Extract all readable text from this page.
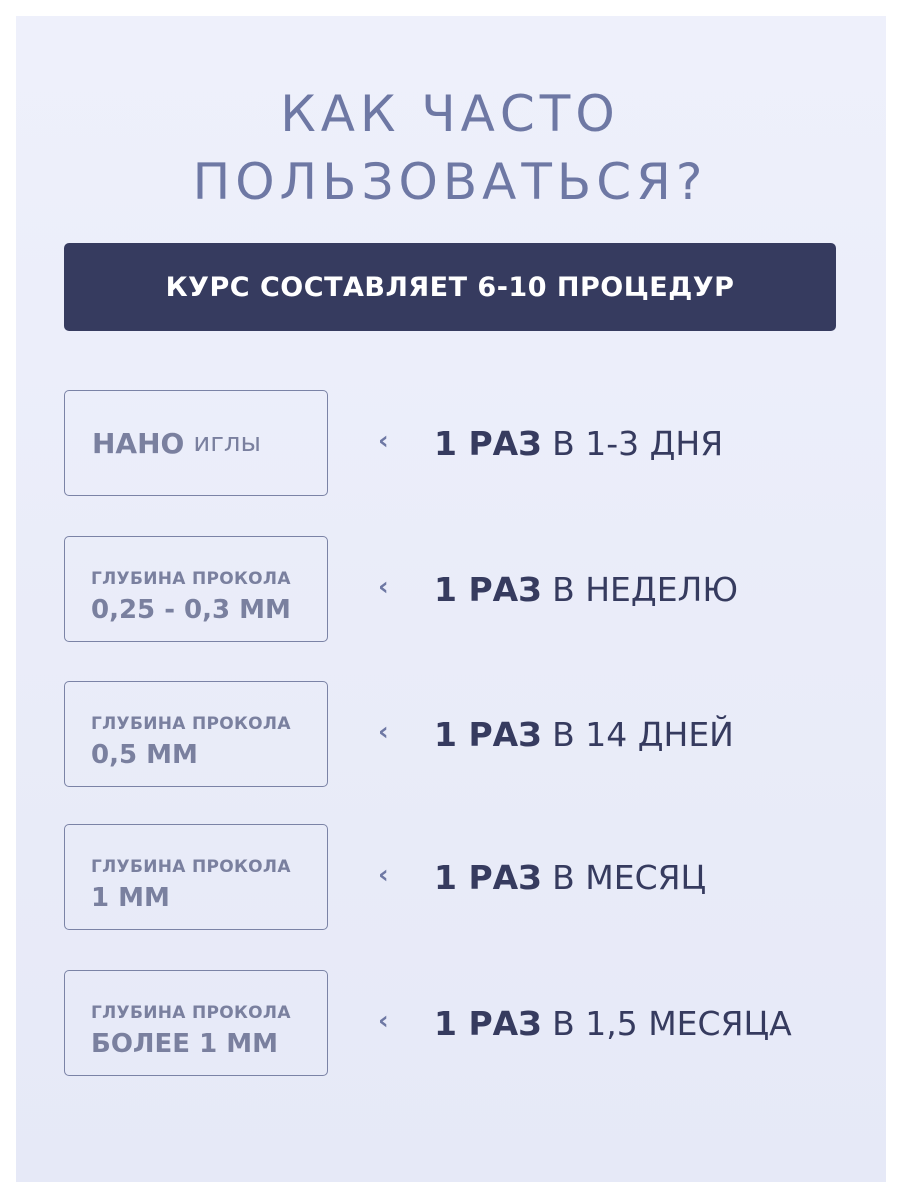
КАК ЧАСТО
ПОЛЬЗОВАТЬСЯ?
КУРС СОСТАВЛЯЕТ 6-10 ПРОЦЕДУР
НАНО иглы	‹ 1 РАЗ В 1-3 ДНЯ
ГЛУБИНА ПРОКОЛА
0,25 - 0,3 ММ
‹ 1 РАЗ В НЕДЕЛЮ
ГЛУБИНА ПРОКОЛА
0,5 ММ
‹ 1 РАЗ В 14 ДНЕЙ
ГЛУБИНА ПРОКОЛА
1 ММ
‹ 1 РАЗ В МЕСЯЦ
ГЛУБИНА ПРОКОЛА
БОЛЕЕ 1 ММ
‹ 1 РАЗ В 1,5 МЕСЯЦА
